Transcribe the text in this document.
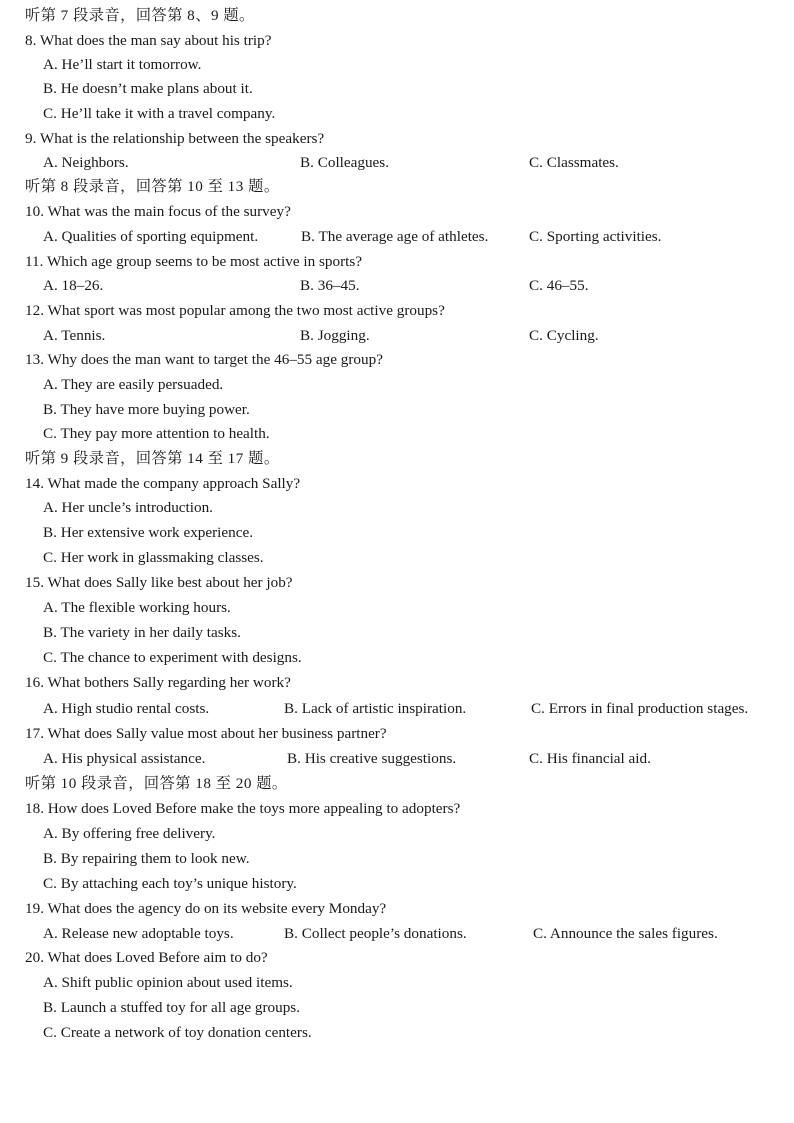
听第 7 段录音，回答第 8、9 题。
8. What does the man say about his trip?
A. He’ll start it tomorrow.
B. He doesn’t make plans about it.
C. He’ll take it with a travel company.
9. What is the relationship between the speakers?
A. Neighbors.	B. Colleagues.	C. Classmates.
听第 8 段录音，回答第 10 至 13 题。
10. What was the main focus of the survey?
A. Qualities of sporting equipment.	B. The average age of athletes.	C. Sporting activities.
11. Which age group seems to be most active in sports?
A. 18–26.	B. 36–45.	C. 46–55.
12. What sport was most popular among the two most active groups?
A. Tennis.	B. Jogging.	C. Cycling.
13. Why does the man want to target the 46–55 age group?
A. They are easily persuaded.
B. They have more buying power.
C. They pay more attention to health.
听第 9 段录音，回答第 14 至 17 题。
14. What made the company approach Sally?
A. Her uncle’s introduction.
B. Her extensive work experience.
C. Her work in glassmaking classes.
15. What does Sally like best about her job?
A. The flexible working hours.
B. The variety in her daily tasks.
C. The chance to experiment with designs.
16. What bothers Sally regarding her work?
A. High studio rental costs.	B. Lack of artistic inspiration.	C. Errors in final production stages.
17. What does Sally value most about her business partner?
A. His physical assistance.	B. His creative suggestions.	C. His financial aid.
听第 10 段录音，回答第 18 至 20 题。
18. How does Loved Before make the toys more appealing to adopters?
A. By offering free delivery.
B. By repairing them to look new.
C. By attaching each toy’s unique history.
19. What does the agency do on its website every Monday?
A. Release new adoptable toys.	B. Collect people’s donations.	C. Announce the sales figures.
20. What does Loved Before aim to do?
A. Shift public opinion about used items.
B. Launch a stuffed toy for all age groups.
C. Create a network of toy donation centers.
